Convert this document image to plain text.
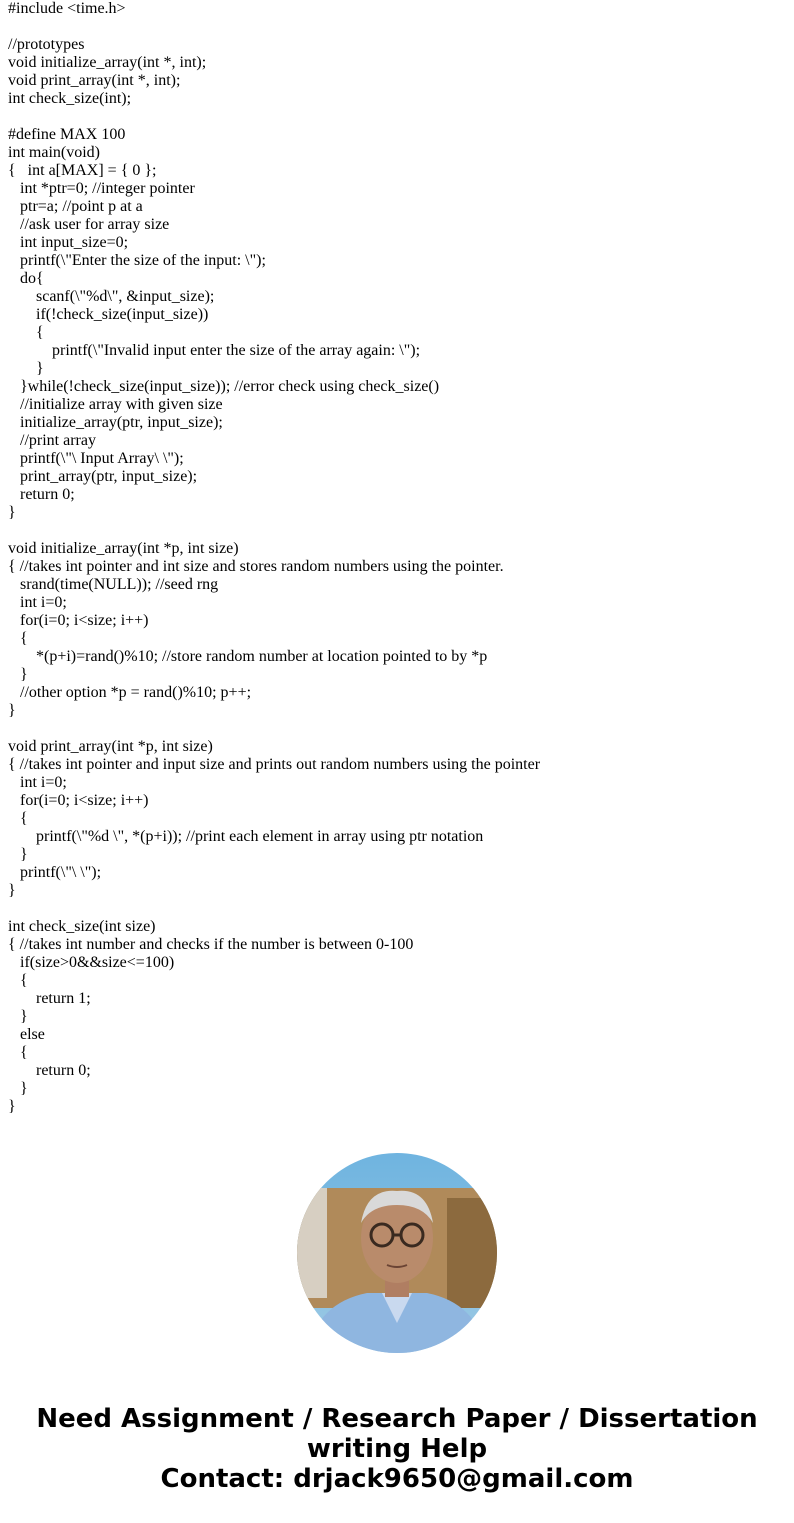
#include <time.h>
//prototypes
void initialize_array(int *, int);
void print_array(int *, int);
int check_size(int);
#define MAX 100
int main(void)
{   int a[MAX] = { 0 };
int *ptr=0; //integer pointer
ptr=a; //point p at a
//ask user for array size
int input_size=0;
printf(\"Enter the size of the input: \");
do{
scanf(\"%d\", &input_size);
if(!check_size(input_size))
{
printf(\"Invalid input enter the size of the array again: \");
}
}while(!check_size(input_size)); //error check using check_size()
//initialize array with given size
initialize_array(ptr, input_size);
//print array
printf(\"\ Input Array\ \");
print_array(ptr, input_size);
return 0;
}
void initialize_array(int *p, int size)
{ //takes int pointer and int size and stores random numbers using the pointer.
srand(time(NULL)); //seed rng
int i=0;
for(i=0; i<size; i++)
{
*(p+i)=rand()%10; //store random number at location pointed to by *p
}
//other option *p = rand()%10; p++;
}
void print_array(int *p, int size)
{ //takes int pointer and input size and prints out random numbers using the pointer
int i=0;
for(i=0; i<size; i++)
{
printf(\"%d \", *(p+i)); //print each element in array using ptr notation
}
printf(\"\ \");
}
int check_size(int size)
{ //takes int number and checks if the number is between 0-100
if(size>0&&size<=100)
{
return 1;
}
else
{
return 0;
}
}
Need Assignment / Research Paper / Dissertation
writing Help
Contact: drjack9650@gmail.com
